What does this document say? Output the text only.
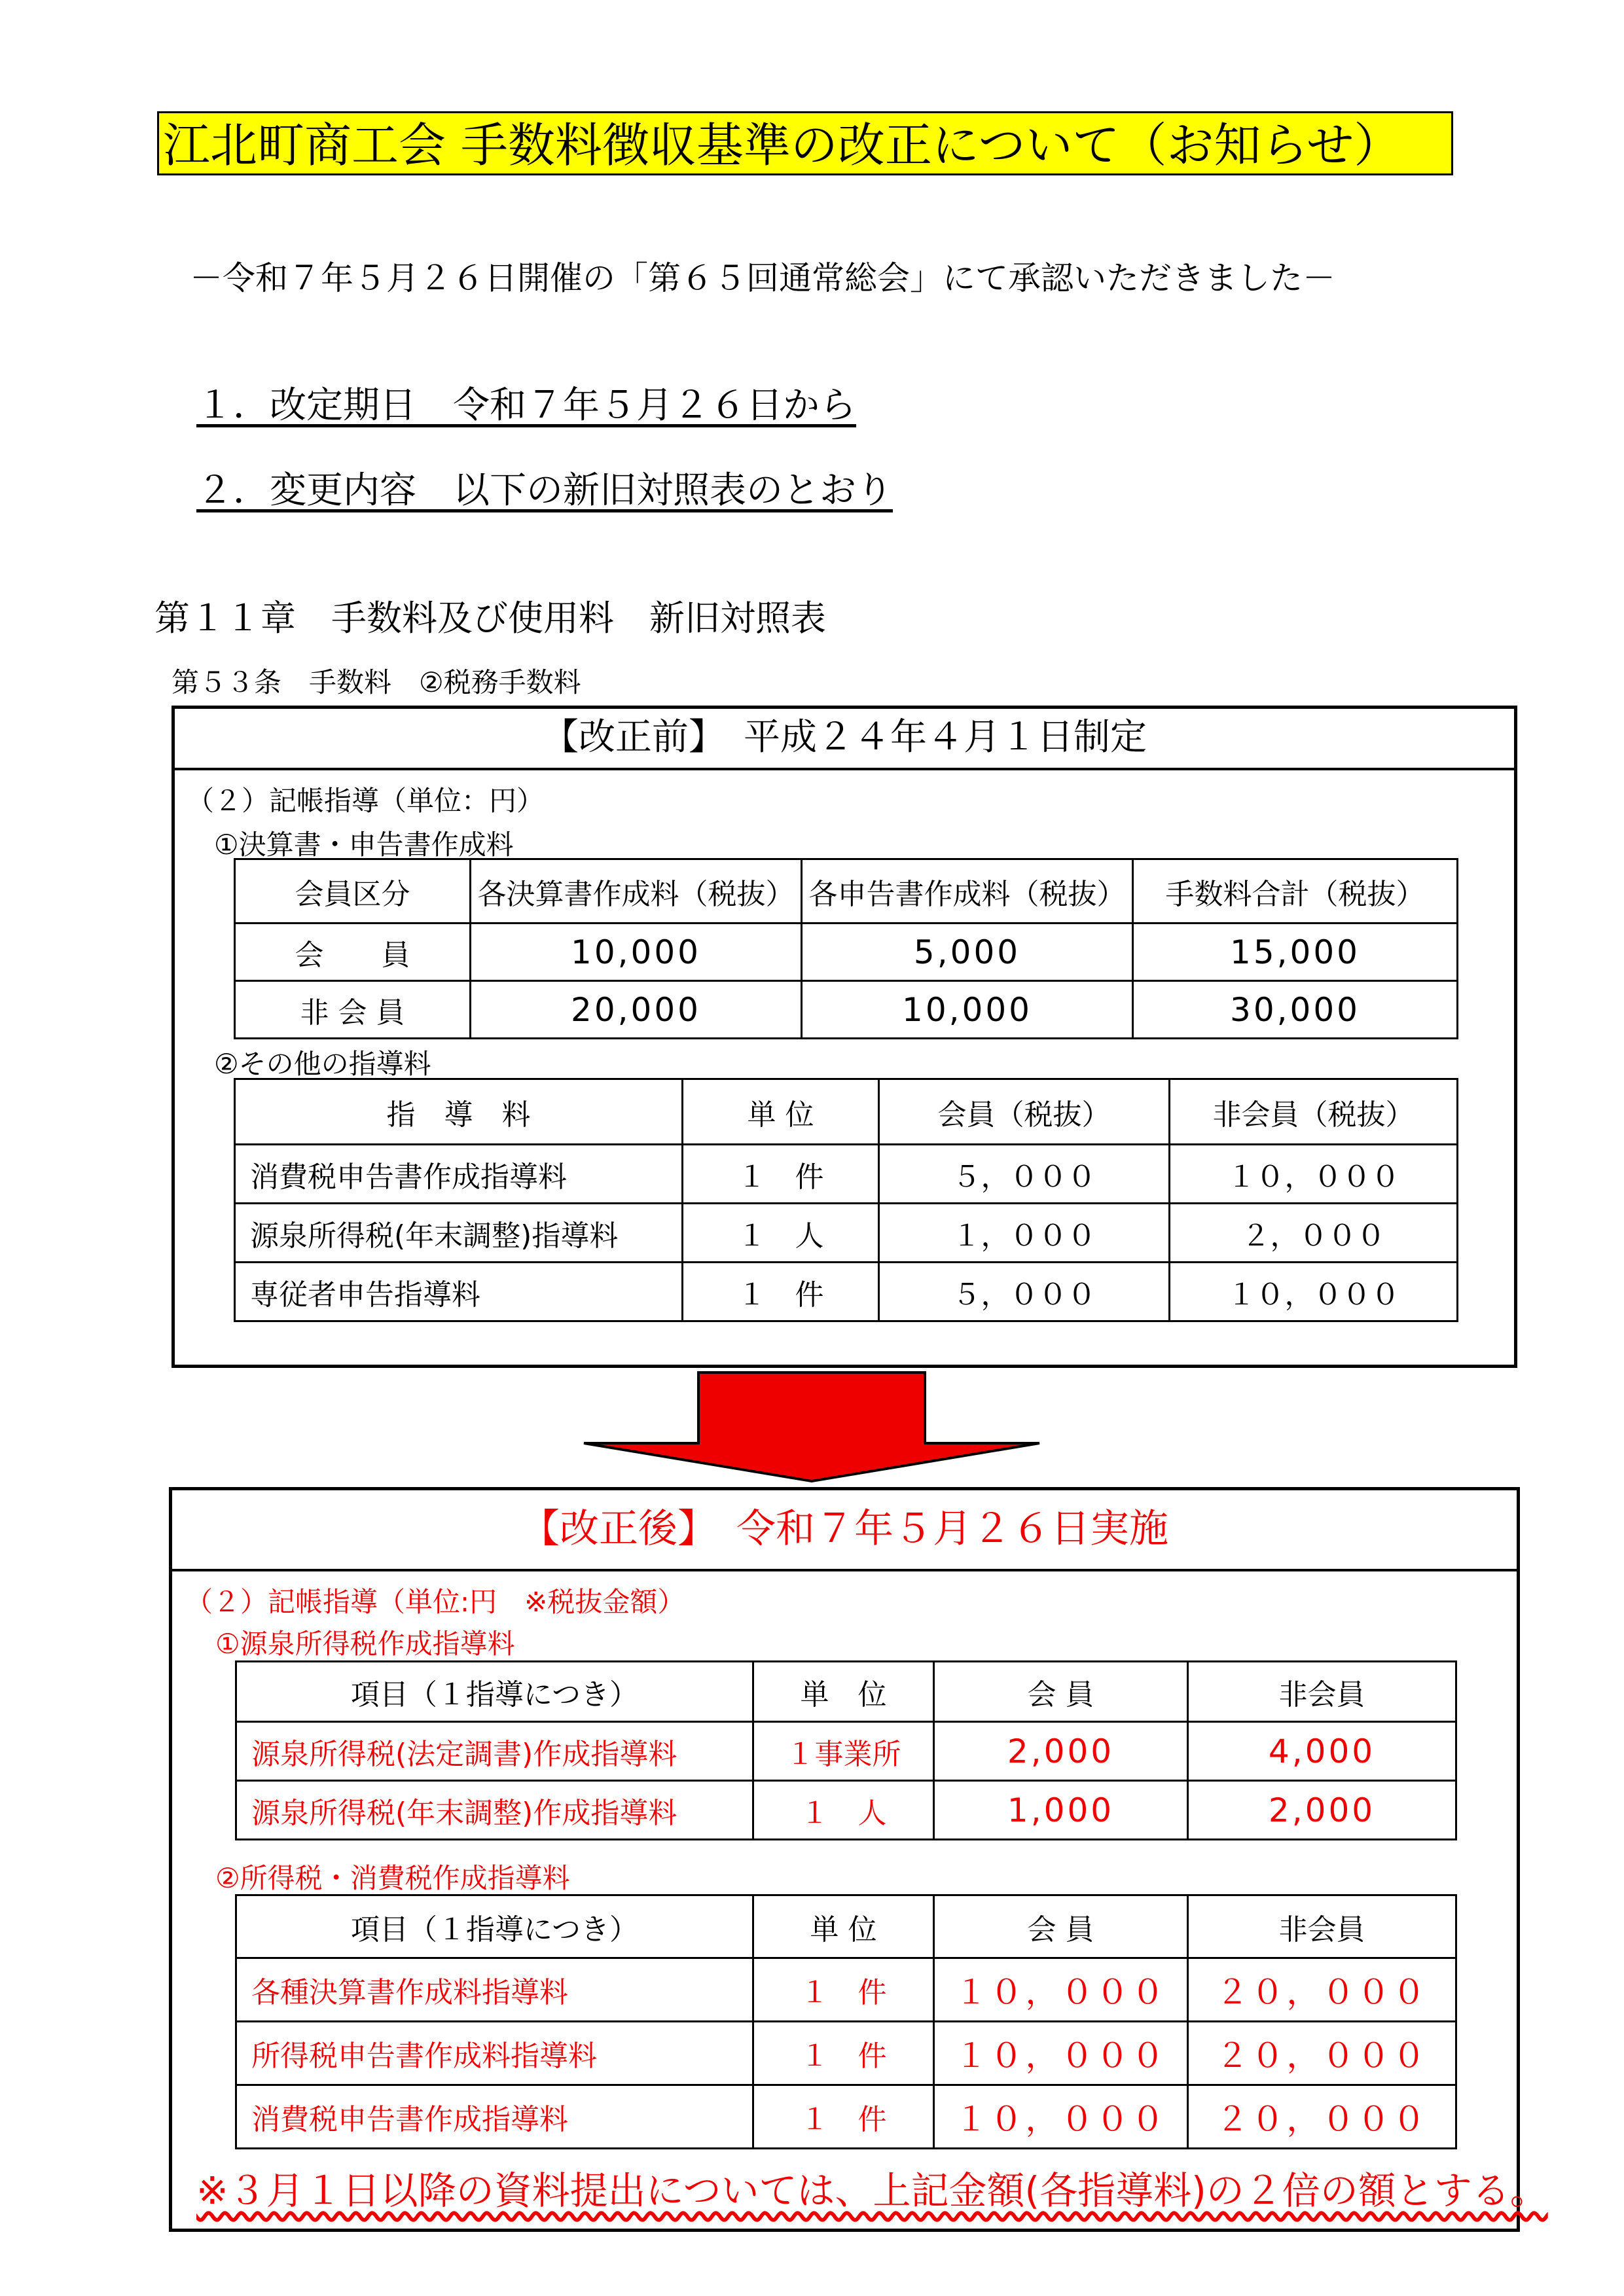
江北町商工会 手数料徴収基準の改正について（お知らせ）
－令和７年５月２６日開催の「第６５回通常総会」にて承認いただきました－
１．改定期日　令和７年５月２６日から
２．変更内容　以下の新旧対照表のとおり
第１１章　手数料及び使用料　新旧対照表
第５３条　手数料　②税務手数料
【改正前】　平成２４年４月１日制定
（２）記帳指導（単位：円）
①決算書・申告書作成料
会員区分	各決算書作成料（税抜）	各申告書作成料（税抜）	手数料合計（税抜）
会　　員	10,000	5,000	15,000
非 会 員	20,000	10,000	30,000
②その他の指導料
指　導　料	単 位	会員（税抜）	非会員（税抜）
消費税申告書作成指導料	１　件	５，０００	１０，０００
源泉所得税(年末調整)指導料	１　人	１，０００	２，０００
専従者申告指導料	１　件	５，０００	１０，０００
【改正後】　令和７年５月２６日実施
（２）記帳指導（単位:円　※税抜金額）
①源泉所得税作成指導料
項目（１指導につき）	単　位	会 員	非会員
源泉所得税(法定調書)作成指導料	１事業所	2,000	4,000
源泉所得税(年末調整)作成指導料	１　人	1,000	2,000
②所得税・消費税作成指導料
項目（１指導につき）	単 位	会 員	非会員
各種決算書作成料指導料	１　件	１０，０００	２０，０００
所得税申告書作成料指導料	１　件	１０，０００	２０，０００
消費税申告書作成指導料	１　件	１０，０００	２０，０００
※３月１日以降の資料提出については、上記金額(各指導料)の２倍の額とする。
